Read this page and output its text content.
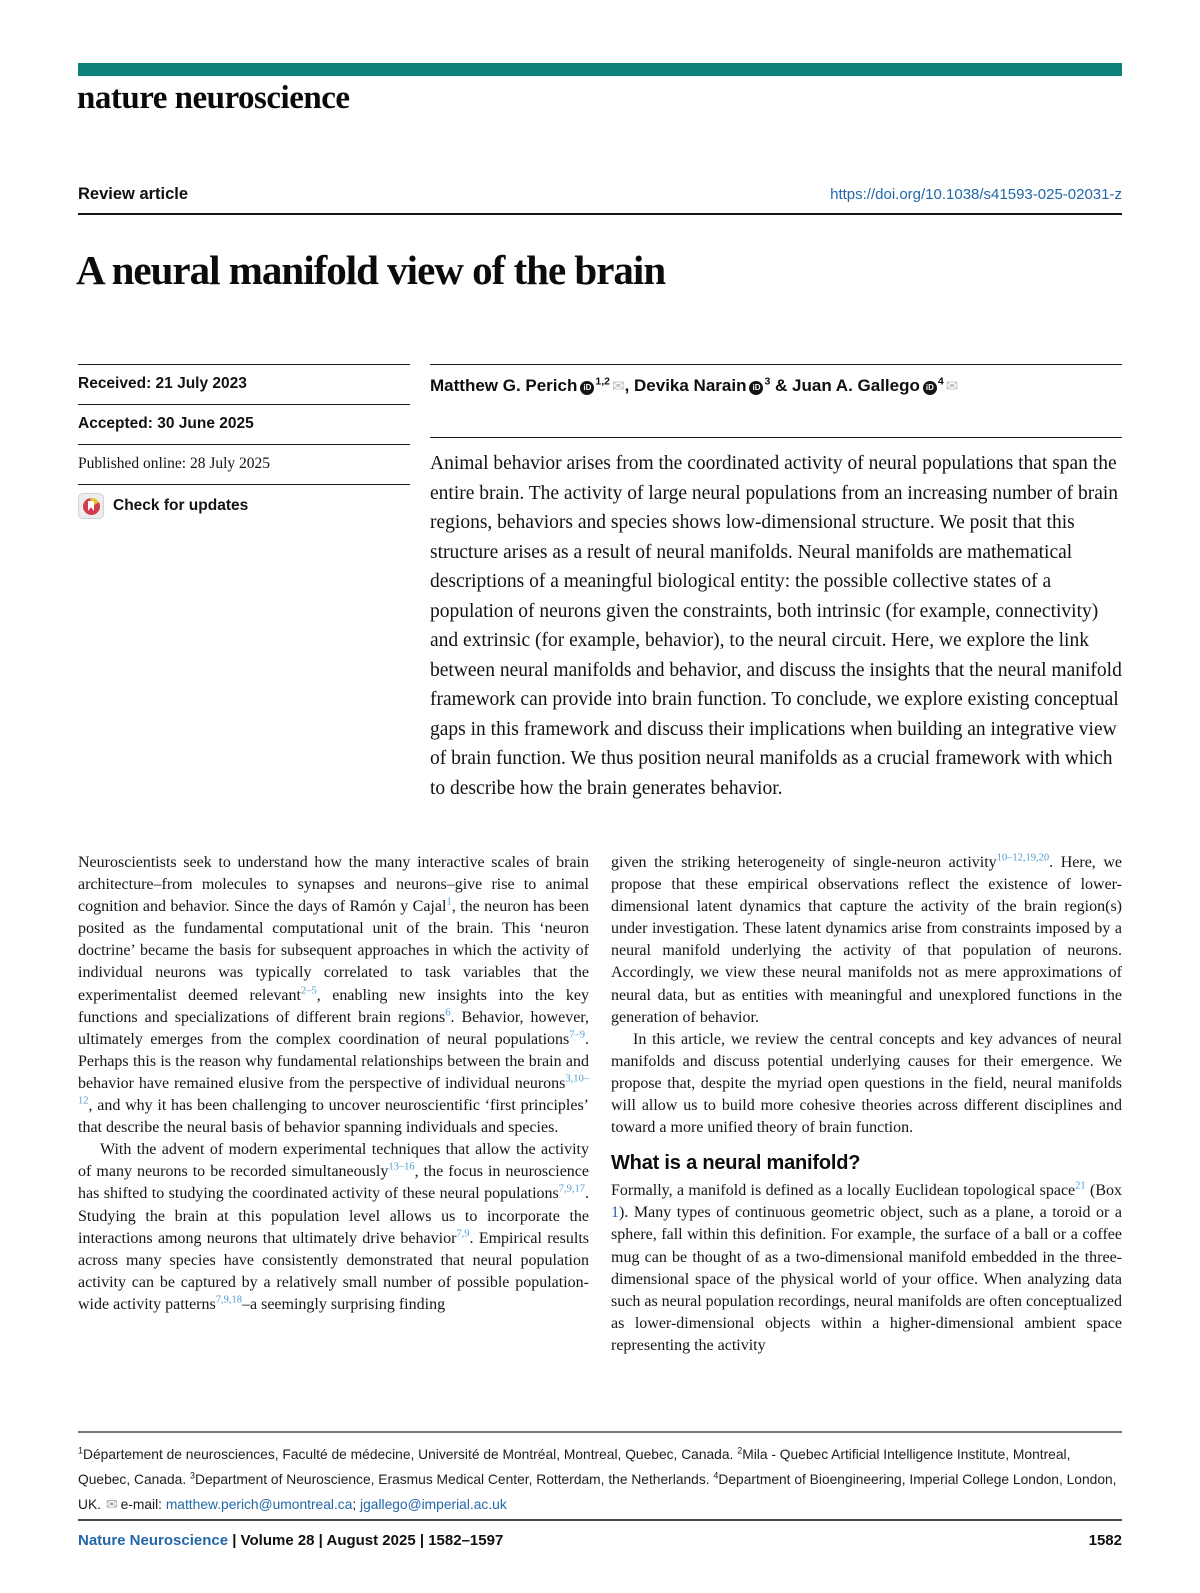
nature neuroscience
Review article	https://doi.org/10.1038/s41593-025-02031-z
A neural manifold view of the brain
Received: 21 July 2023
Accepted: 30 June 2025
Published online: 28 July 2025
Check for updates
Matthew G. Perich iD$^{1,2}$ ✉, Devika Narain $iD^3$ & Juan A. Gallego $iD^4$ ✉
Animal behavior arises from the coordinated activity of neural populations that span the entire brain. The activity of large neural populations from an increasing number of brain regions, behaviors and species shows low-dimensional structure. We posit that this structure arises as a result of neural manifolds. Neural manifolds are mathematical descriptions of a meaningful biological entity: the possible collective states of a population of neurons given the constraints, both intrinsic (for example, connectivity) and extrinsic (for example, behavior), to the neural circuit. Here, we explore the link between neural manifolds and behavior, and discuss the insights that the neural manifold framework can provide into brain function. To conclude, we explore existing conceptual gaps in this framework and discuss their implications when building an integrative view of brain function. We thus position neural manifolds as a crucial framework with which to describe how the brain generates behavior.

Neuroscientists seek to understand how the many interactive scales of brain architecture–from molecules to synapses and neurons–give rise to animal cognition and behavior. Since the days of Ramón y Cajal$^1$, the neuron has been posited as the fundamental computational unit of the brain. This ‘neuron doctrine’ became the basis for subsequent approaches in which the activity of individual neurons was typically correlated to task variables that the experimentalist deemed relevant$^{2-5}$, enabling new insights into the key functions and specializations of different brain regions$^6$. Behavior, however, ultimately emerges from the complex coordination of neural populations$^{7-9}$. Perhaps this is the reason why fundamental relationships between the brain and behavior have remained elusive from the perspective of individual neurons$^{3,10-12}$, and why it has been challenging to uncover neuroscientific ‘first principles’ that describe the neural basis of behavior spanning individuals and species.

With the advent of modern experimental techniques that allow the activity of many neurons to be recorded simultaneously$^{13-16}$, the focus in neuroscience has shifted to studying the coordinated activity of these neural populations$^{7,9,17}$. Studying the brain at this population level allows us to incorporate the interactions among neurons that ultimately drive behavior$^{7,9}$. Empirical results across many species have consistently demonstrated that neural population activity can be captured by a relatively small number of possible population-wide activity patterns$^{7,9,18}$–a seemingly surprising finding

given the striking heterogeneity of single-neuron activity$^{10-12,19,20}$. Here, we propose that these empirical observations reflect the existence of lower-dimensional latent dynamics that capture the activity of the brain region(s) under investigation. These latent dynamics arise from constraints imposed by a neural manifold underlying the activity of that population of neurons. Accordingly, we view these neural manifolds not as mere approximations of neural data, but as entities with meaningful and unexplored functions in the generation of behavior.

In this article, we review the central concepts and key advances of neural manifolds and discuss potential underlying causes for their emergence. We propose that, despite the myriad open questions in the field, neural manifolds will allow us to build more cohesive theories across different disciplines and toward a more unified theory of brain function.

What is a neural manifold?

Formally, a manifold is defined as a locally Euclidean topological space$^{21}$ (Box 1). Many types of continuous geometric object, such as a plane, a toroid or a sphere, fall within this definition. For example, the surface of a ball or a coffee mug can be thought of as a two-dimensional manifold embedded in the three-dimensional space of the physical world of your office. When analyzing data such as neural population recordings, neural manifolds are often conceptualized as lower-dimensional objects within a higher-dimensional ambient space representing the activity

$^1$Département de neurosciences, Faculté de médecine, Université de Montréal, Montreal, Quebec, Canada. $^2$Mila - Quebec Artificial Intelligence Institute, Montreal, Quebec, Canada. $^3$Department of Neuroscience, Erasmus Medical Center, Rotterdam, the Netherlands. $^4$Department of Bioengineering, Imperial College London, London, UK. ✉ e-mail: matthew.perich@umontreal.ca; jgallego@imperial.ac.uk
Nature Neuroscience | Volume 28 | August 2025 | 1582–1597	1582
